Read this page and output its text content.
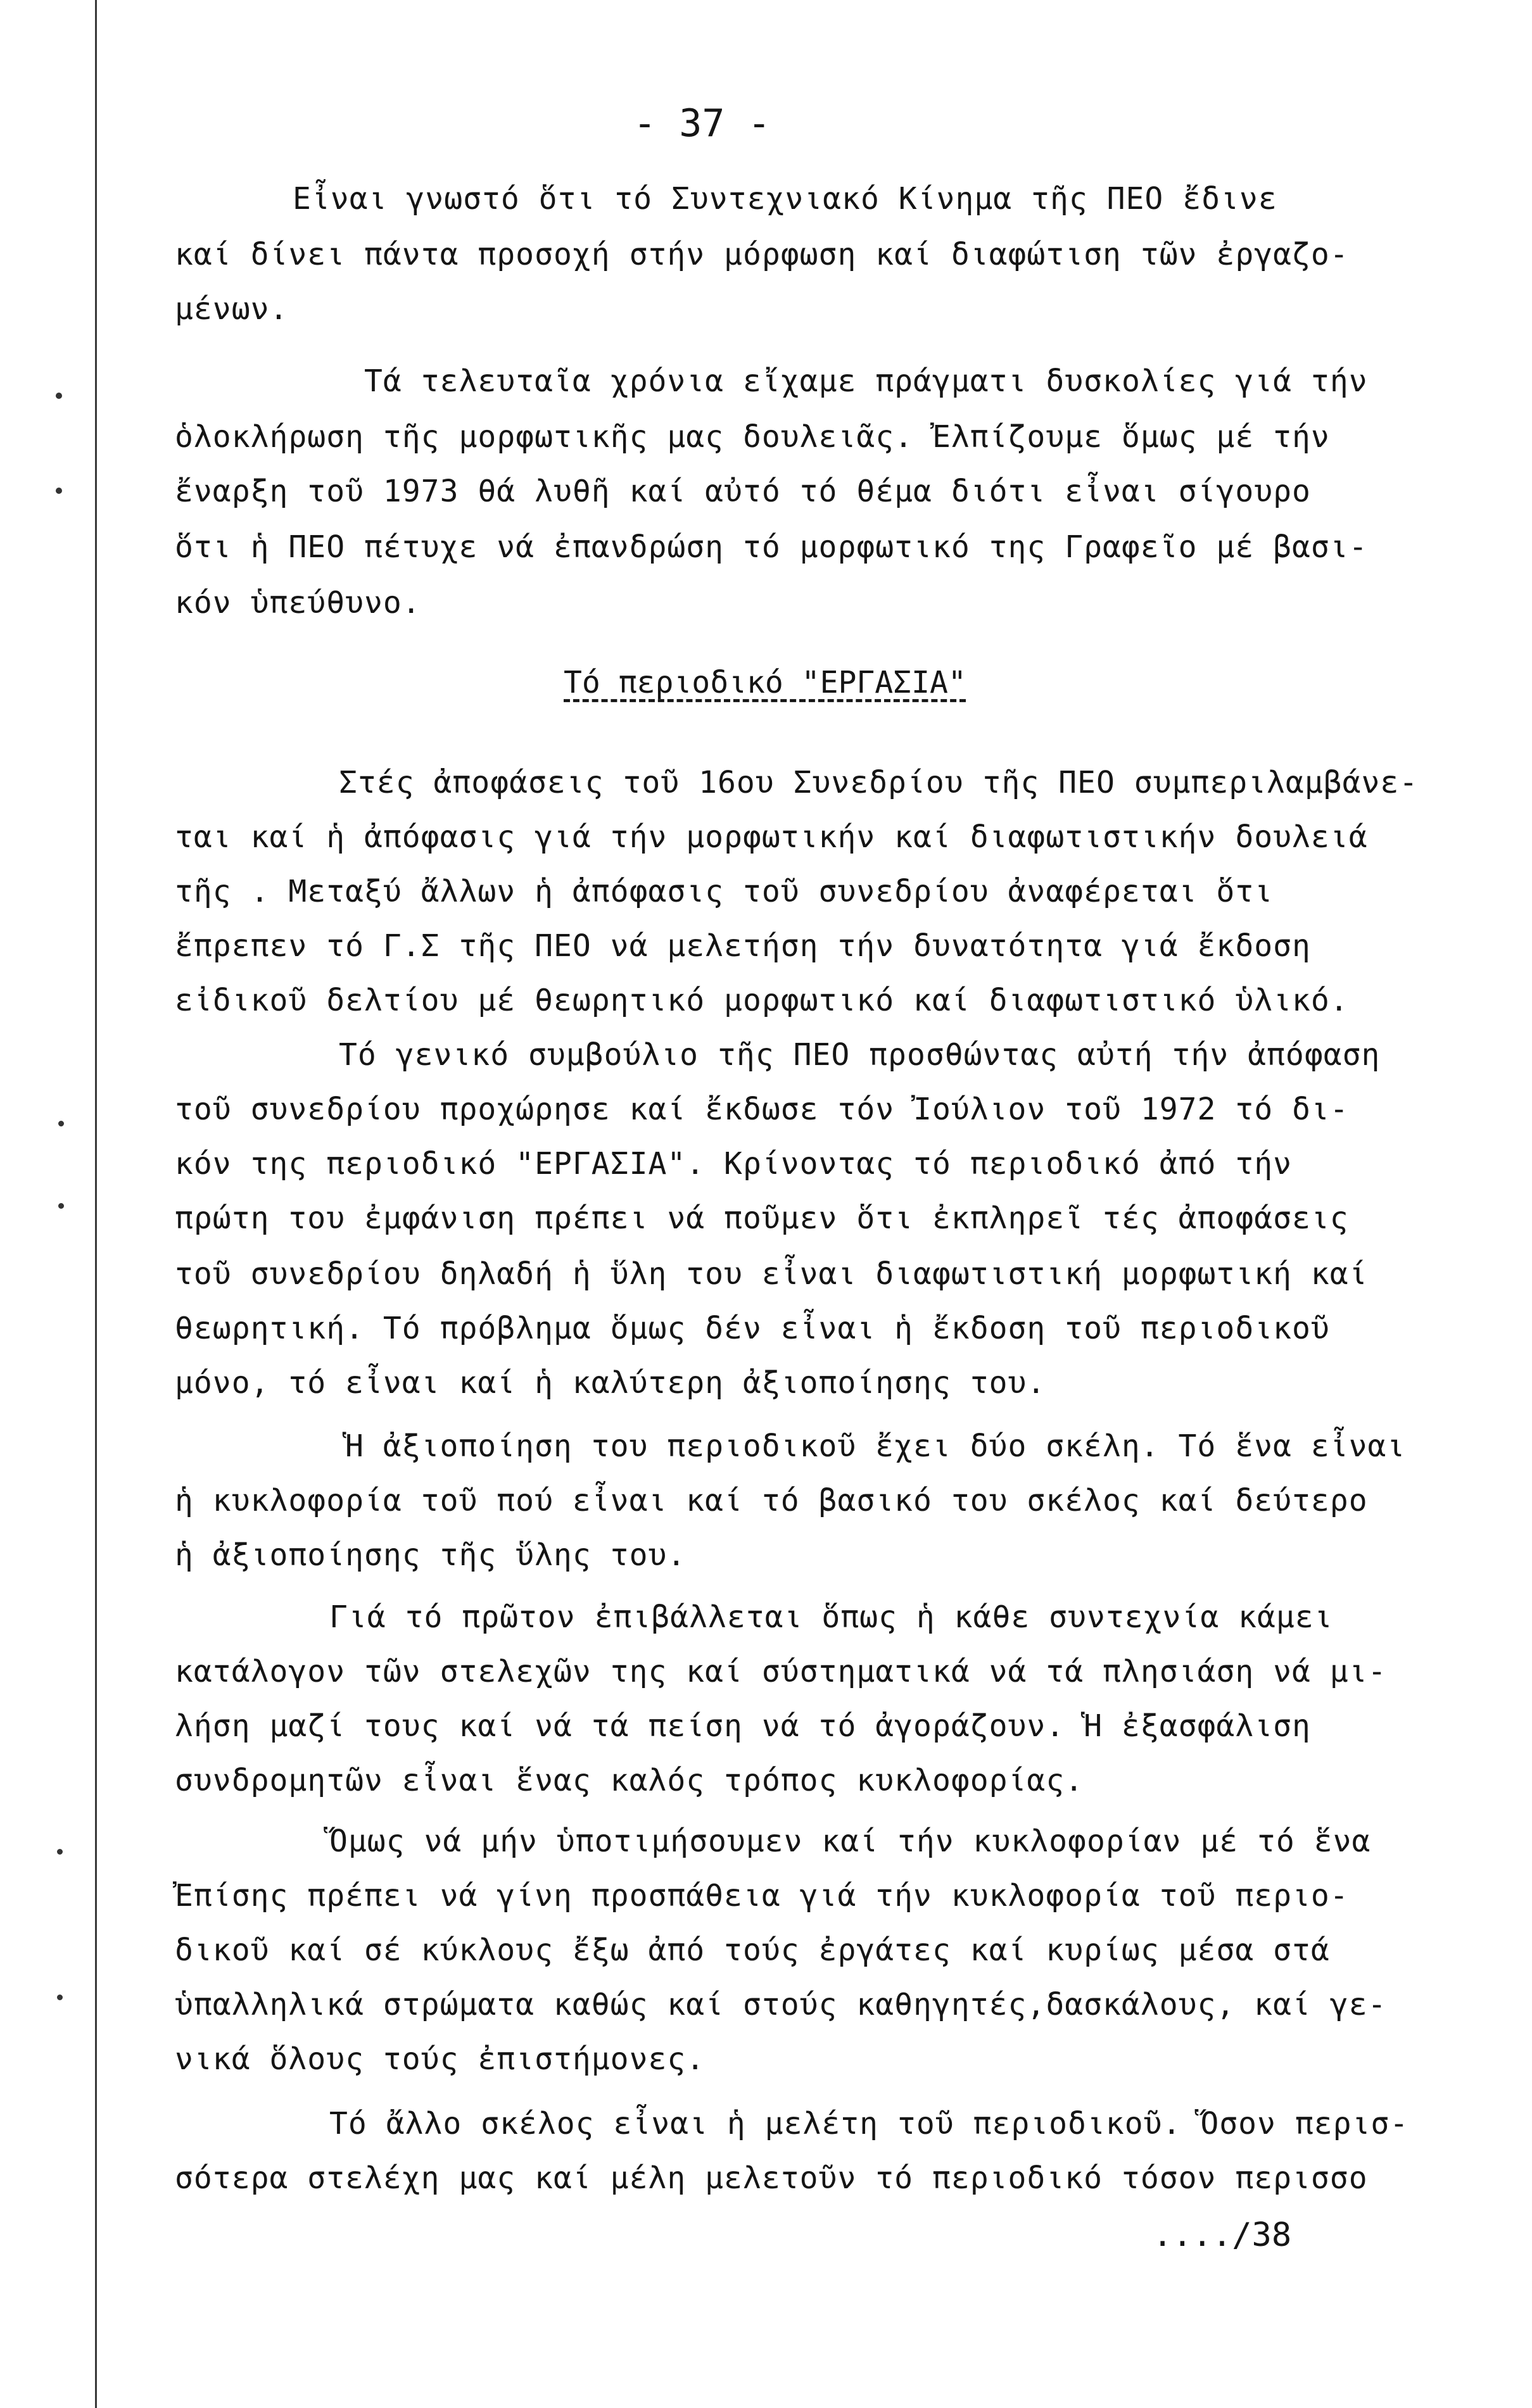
- 37 -
Εἶναι γνωστό ὅτι τό Συντεχνιακό Κίνημα τῆς ΠΕΟ ἔδινε
καί δίνει πάντα προσοχή στήν μόρφωση καί διαφώτιση τῶν ἐργαζο-
μένων.
Τά τελευταῖα χρόνια εἴχαμε πράγματι δυσκολίες γιά τήν
ὁλοκλήρωση τῆς μορφωτικῆς μας δουλειᾶς. Ἐλπίζουμε ὅμως μέ τήν
ἔναρξη τοῦ 1973 θά λυθῆ καί αὐτό τό θέμα διότι εἶναι σίγουρο
ὅτι ἡ ΠΕΟ πέτυχε νά ἐπανδρώση τό μορφωτικό της Γραφεῖο μέ βασι-
κόν ὑπεύθυνο.
Τό περιοδικό "ΕΡΓΑΣΙΑ"
Στές ἀποφάσεις τοῦ 16ου Συνεδρίου τῆς ΠΕΟ συμπεριλαμβάνε-
ται καί ἡ ἀπόφασις γιά τήν μορφωτικήν καί διαφωτιστικήν δουλειά
τῆς . Μεταξύ ἄλλων ἡ ἀπόφασις τοῦ συνεδρίου ἀναφέρεται ὅτι
ἔπρεπεν τό Γ.Σ τῆς ΠΕΟ νά μελετήση τήν δυνατότητα γιά ἔκδοση
εἰδικοῦ δελτίου μέ θεωρητικό μορφωτικό καί διαφωτιστικό ὑλικό.
Τό γενικό συμβούλιο τῆς ΠΕΟ προσθώντας αὐτή τήν ἀπόφαση
τοῦ συνεδρίου προχώρησε καί ἔκδωσε τόν Ἰούλιον τοῦ 1972 τό δι-
κόν της περιοδικό "ΕΡΓΑΣΙΑ". Κρίνοντας τό περιοδικό ἀπό τήν
πρώτη του ἐμφάνιση πρέπει νά ποῦμεν ὅτι ἐκπληρεῖ τές ἀποφάσεις
τοῦ συνεδρίου δηλαδή ἡ ὕλη του εἶναι διαφωτιστική μορφωτική καί
θεωρητική. Τό πρόβλημα ὅμως δέν εἶναι ἡ ἔκδοση τοῦ περιοδικοῦ
μόνο, τό εἶναι καί ἡ καλύτερη ἀξιοποίησης του.
Ἡ ἀξιοποίηση του περιοδικοῦ ἔχει δύο σκέλη. Τό ἕνα εἶναι
ἡ κυκλοφορία τοῦ πού εἶναι καί τό βασικό του σκέλος καί δεύτερο
ἡ ἀξιοποίησης τῆς ὕλης του.
Γιά τό πρῶτον ἐπιβάλλεται ὅπως ἡ κάθε συντεχνία κάμει
κατάλογον τῶν στελεχῶν της καί σύστηματικά νά τά πλησιάση νά μι-
λήση μαζί τους καί νά τά πείση νά τό ἀγοράζουν. Ἡ ἐξασφάλιση
συνδρομητῶν εἶναι ἕνας καλός τρόπος κυκλοφορίας.
Ὅμως νά μήν ὑποτιμήσουμεν καί τήν κυκλοφορίαν μέ τό ἕνα
Ἐπίσης πρέπει νά γίνη προσπάθεια γιά τήν κυκλοφορία τοῦ περιο-
δικοῦ καί σέ κύκλους ἔξω ἀπό τούς ἐργάτες καί κυρίως μέσα στά
ὑπαλληλικά στρώματα καθώς καί στούς καθηγητές,δασκάλους, καί γε-
νικά ὅλους τούς ἐπιστήμονες.
Τό ἄλλο σκέλος εἶναι ἡ μελέτη τοῦ περιοδικοῦ. Ὅσον περισ-
σότερα στελέχη μας καί μέλη μελετοῦν τό περιοδικό τόσον περισσο
..../38
